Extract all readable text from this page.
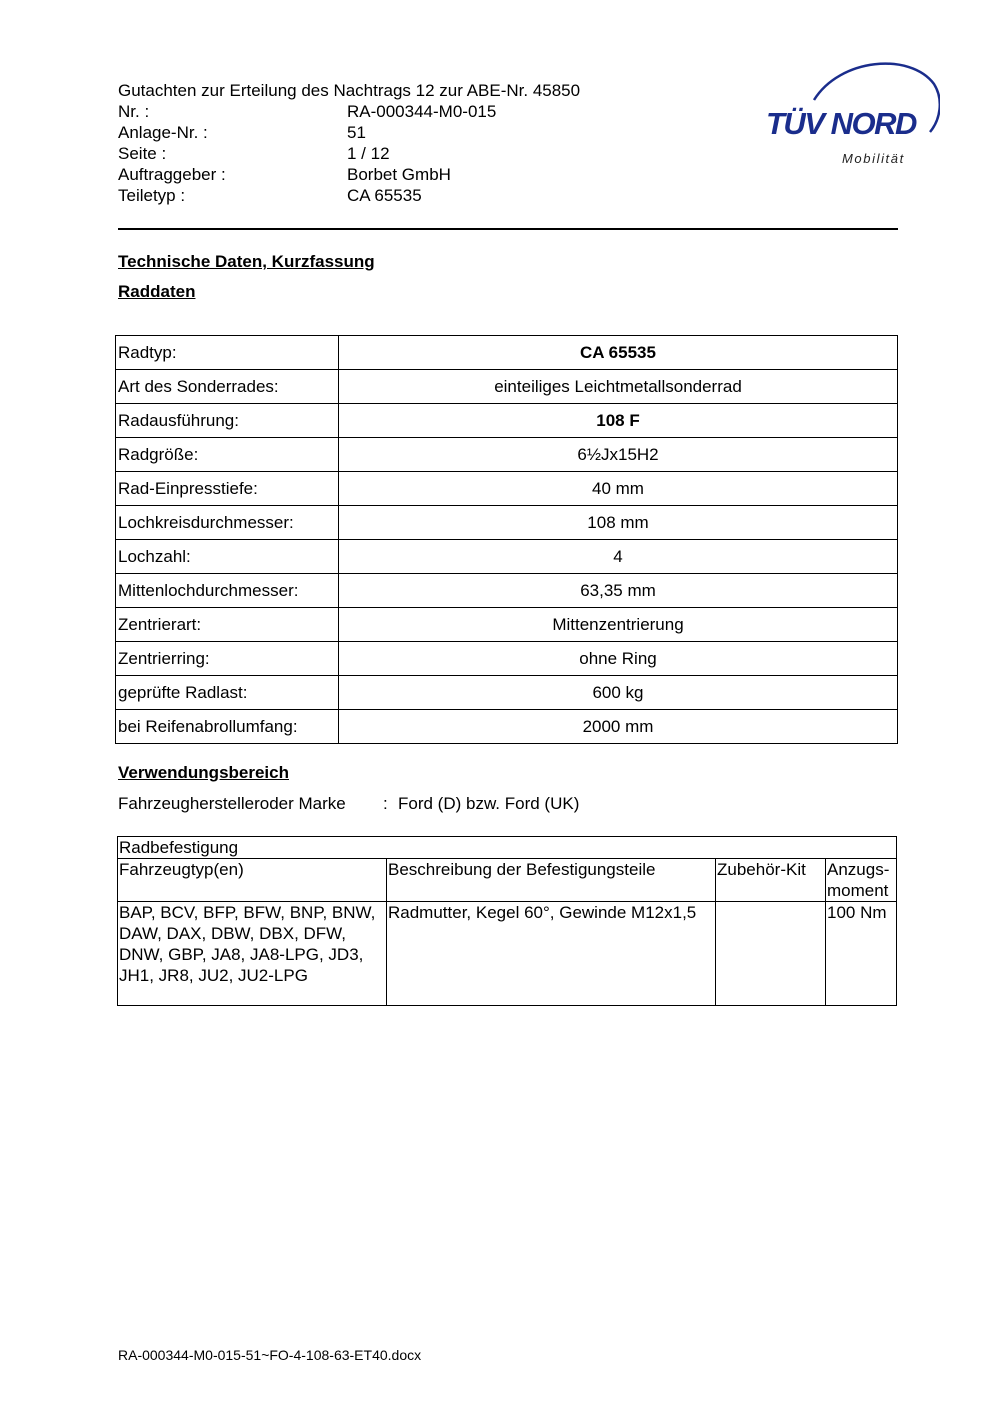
Gutachten zur Erteilung des Nachtrags 12 zur ABE-Nr. 45850
Nr. :	RA-000344-M0-015
Anlage-Nr. :	51
Seite :	1 / 12
Auftraggeber :	Borbet GmbH
Teiletyp :	CA 65535
TÜV NORD
Mobilität
Technische Daten, Kurzfassung
Raddaten
Radtyp:	CA 65535
Art des Sonderrades:	einteiliges Leichtmetallsonderrad
Radausführung:	108 F
Radgröße:	6½Jx15H2
Rad-Einpresstiefe:	40 mm
Lochkreisdurchmesser:	108 mm
Lochzahl:	4
Mittenlochdurchmesser:	63,35 mm
Zentrierart:	Mittenzentrierung
Zentrierring:	ohne Ring
geprüfte Radlast:	600 kg
bei Reifenabrollumfang:	2000 mm
Verwendungsbereich
Fahrzeugherstelleroder Marke	: Ford (D) bzw. Ford (UK)
Radbefestigung			
Fahrzeugtyp(en)	Beschreibung der Befestigungsteile	Zubehör-Kit	Anzugs-moment
BAP, BCV, BFP, BFW, BNP, BNW, DAW, DAX, DBW, DBX, DFW, DNW, GBP, JA8, JA8-LPG, JD3, JH1, JR8, JU2, JU2-LPG	Radmutter, Kegel 60°, Gewinde M12x1,5		100 Nm
RA-000344-M0-015-51~FO-4-108-63-ET40.docx
